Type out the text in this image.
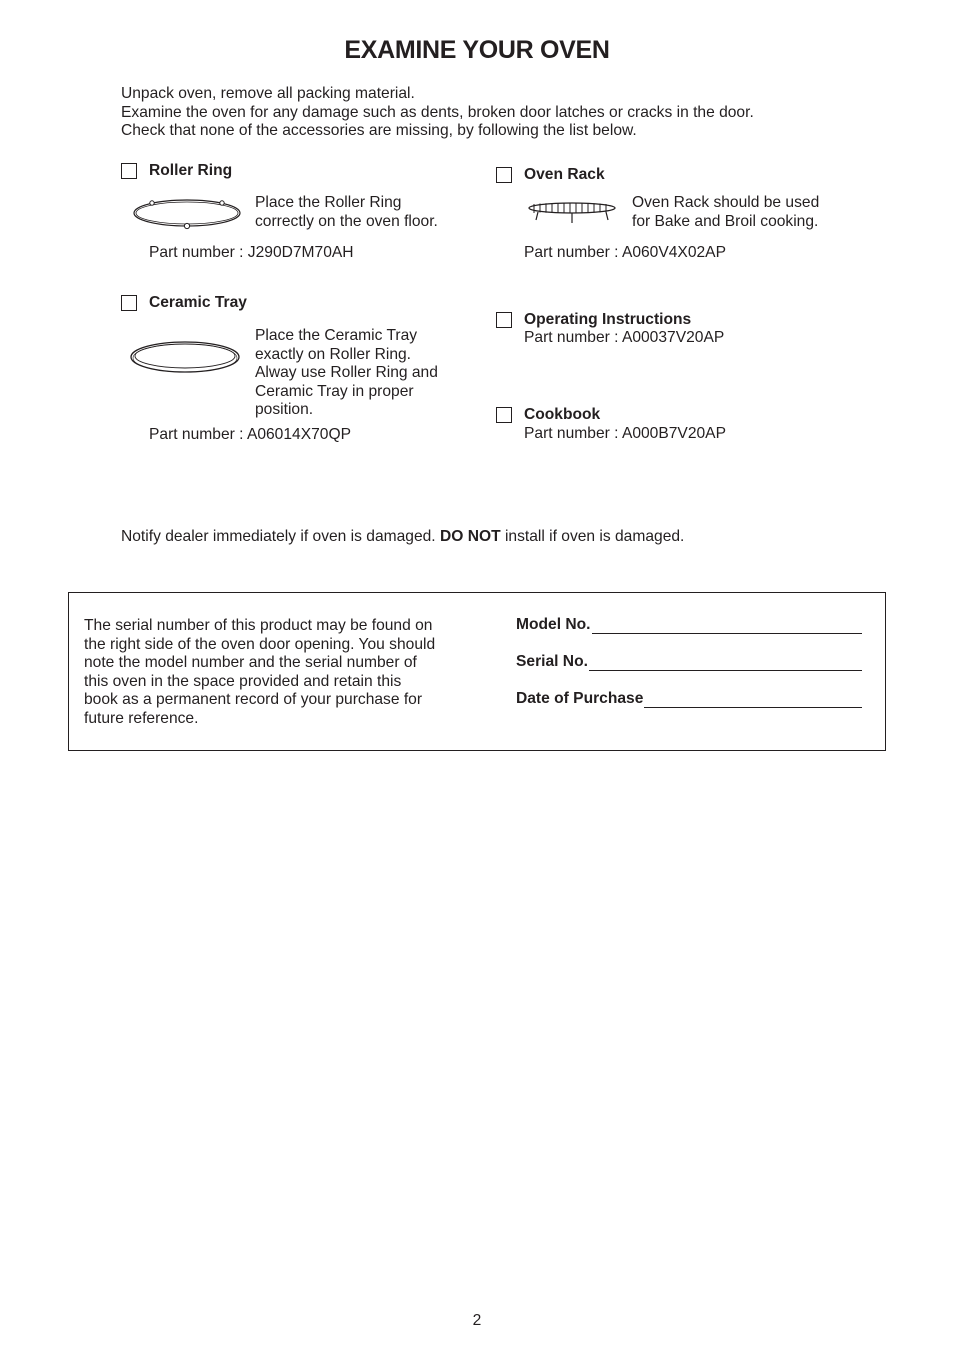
EXAMINE YOUR OVEN
Unpack oven, remove all packing material.
Examine the oven for any damage such as dents, broken door latches or cracks in the door.
Check that none of the accessories are missing, by following the list below.
Roller Ring
Place the Roller Ring
correctly on the oven floor.
Part number : J290D7M70AH
Ceramic Tray
Place the Ceramic Tray
exactly on Roller Ring.
Alway use Roller Ring and
Ceramic Tray in proper
position.
Part number : A06014X70QP
Oven Rack
Oven Rack should be used
for Bake and Broil cooking.
Part number : A060V4X02AP
Operating Instructions
Part number : A00037V20AP
Cookbook
Part number : A000B7V20AP
Notify dealer immediately if oven is damaged. DO NOT install if oven is damaged.
The serial number of this product may be found on
the right side of the oven door opening. You should
note the model number and the serial number of
this oven in the space provided and retain this
book as a permanent record of your purchase for
future reference.
Model No.
Serial No.
Date of Purchase
2
